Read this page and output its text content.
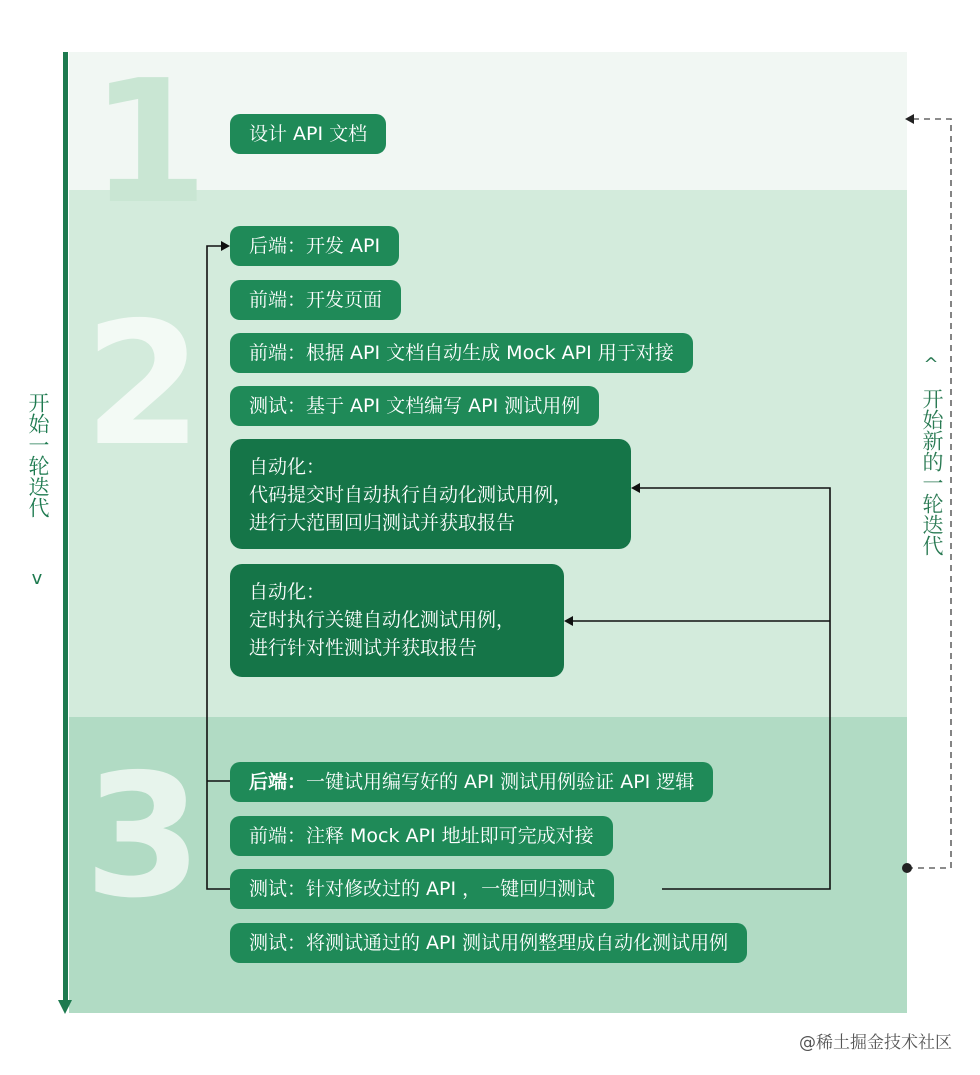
1
2
3
开始一轮迭代
v
^
开始新的一轮迭代
设计 API 文档
后端：开发 API
前端：开发页面
前端：根据 API 文档自动生成 Mock API 用于对接
测试：基于 API 文档编写 API 测试用例
自动化：
代码提交时自动执行自动化测试用例，
进行大范围回归测试并获取报告
自动化：
定时执行关键自动化测试用例，
进行针对性测试并获取报告
后端：一键试用编写好的 API 测试用例验证 API 逻辑
前端：注释 Mock API 地址即可完成对接
测试：针对修改过的 API ，一键回归测试
测试：将测试通过的 API 测试用例整理成自动化测试用例
@稀土掘金技术社区
